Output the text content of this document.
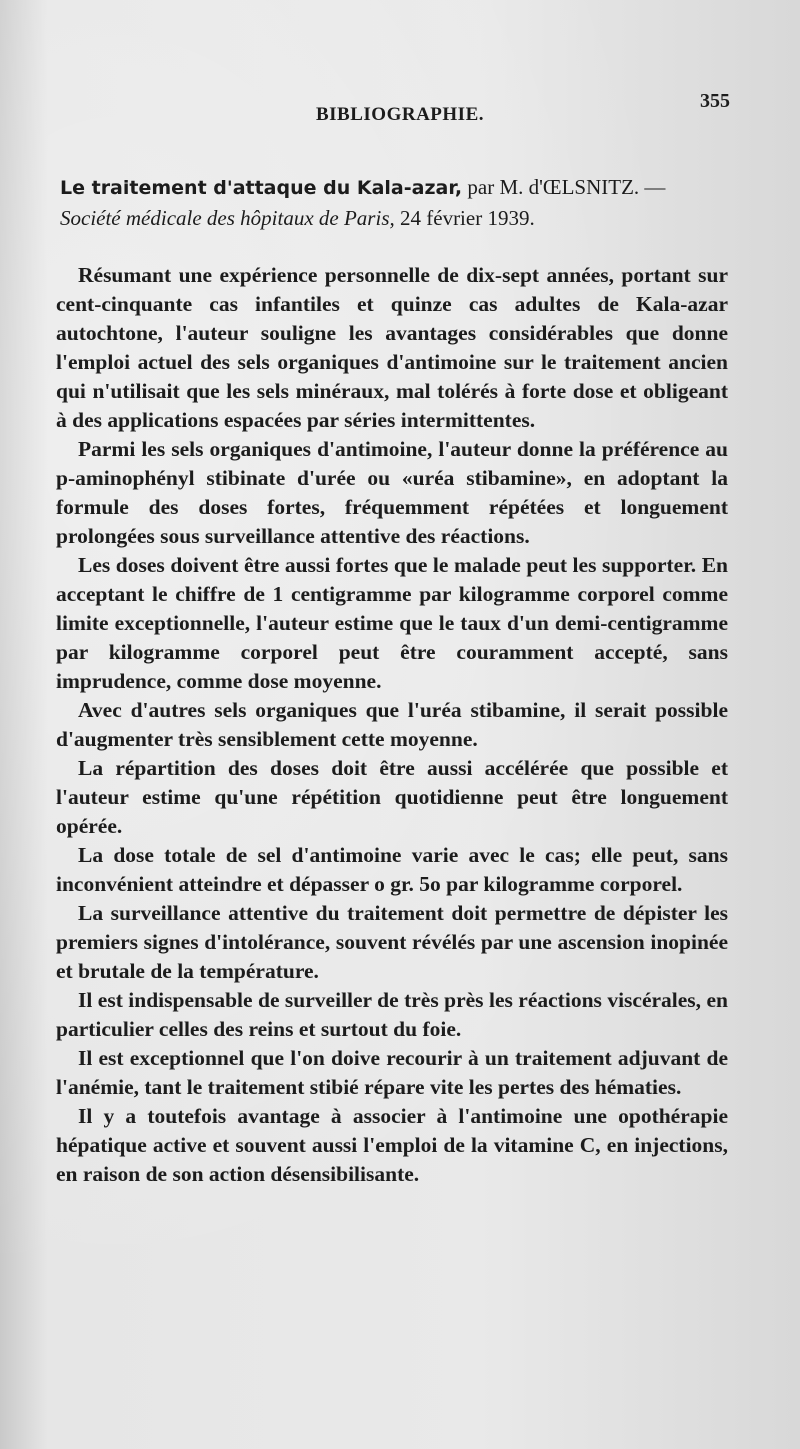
BIBLIOGRAPHIE.
355
Le traitement d'attaque du Kala-azar, par M. d'ŒLSNITZ. —
Société médicale des hôpitaux de Paris, 24 février 1939.

Résumant une expérience personnelle de dix-sept années, portant sur cent-cinquante cas infantiles et quinze cas adultes de Kala-azar autochtone, l'auteur souligne les avantages considérables que donne l'emploi actuel des sels organiques d'antimoine sur le traitement ancien qui n'utilisait que les sels minéraux, mal tolérés à forte dose et obligeant à des applications espacées par séries intermittentes.

Parmi les sels organiques d'antimoine, l'auteur donne la préférence au p-aminophényl stibinate d'urée ou «uréa stibamine», en adoptant la formule des doses fortes, fréquemment répétées et longuement prolongées sous surveillance attentive des réactions.

Les doses doivent être aussi fortes que le malade peut les supporter. En acceptant le chiffre de 1 centigramme par kilogramme corporel comme limite exceptionnelle, l'auteur estime que le taux d'un demi-centigramme par kilogramme corporel peut être couramment accepté, sans imprudence, comme dose moyenne.

Avec d'autres sels organiques que l'uréa stibamine, il serait possible d'augmenter très sensiblement cette moyenne.

La répartition des doses doit être aussi accélérée que possible et l'auteur estime qu'une répétition quotidienne peut être longuement opérée.

La dose totale de sel d'antimoine varie avec le cas; elle peut, sans inconvénient atteindre et dépasser o gr. 5o par kilogramme corporel.

La surveillance attentive du traitement doit permettre de dépister les premiers signes d'intolérance, souvent révélés par une ascension inopinée et brutale de la température.

Il est indispensable de surveiller de très près les réactions viscérales, en particulier celles des reins et surtout du foie.

Il est exceptionnel que l'on doive recourir à un traitement adjuvant de l'anémie, tant le traitement stibié répare vite les pertes des hématies.

Il y a toutefois avantage à associer à l'antimoine une opothérapie hépatique active et souvent aussi l'emploi de la vitamine C, en injections, en raison de son action désensibilisante.
